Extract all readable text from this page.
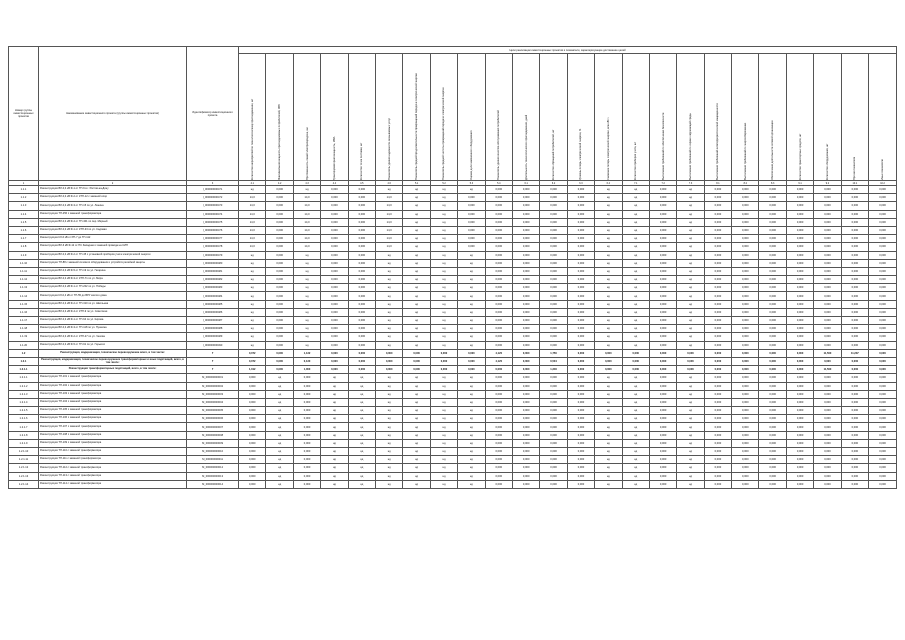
Номер группы инвестиционных проектов	Наименование инвестиционного проекта (группы инвестиционных проектов)	Идентификатор инвестиционного проекта	Цели реализации инвестиционных проектов и показатели, характеризующие достижение целей																							

			Количество мероприятий по технологическому присоединению, шт	Максимальная мощность присоединяемых потребителей, МВт	Протяженность линий электропередачи, км	Трансформаторная мощность, МВА	Количество точек поставки, шт	Показатель уровня надежности оказываемых услуг	Показатель средней продолжительности прекращений передачи электрической энергии	Показатель средней частоты прекращений передачи электрической энергии	Оценка доли замененного оборудования	Показатель уровня качества обслуживания потребителей	Длительность технологического присоединения, дней	Количество обращений потребителей, шт	Уровень потерь электрической энергии, %	Снижение потерь электрической энергии, млн кВт·ч	Количество приборов учета, шт	Выполнение требований по обеспечению безопасности	Выполнение требований по охране окружающей среды	Выполнение требований антитеррористической защищенности	Выполнение требований по энергосбережению	Обеспечение деятельности сетевой организации	Количество транспортных средств, шт	Количество оборудования, шт	Прочие показатели	Иные показатели

1	2	3	4.1	4.2	4.3	4.4	4.5	4.6	5.1	5.2	5.3	5.4	6.1	6.2	6.3	6.4	7.1	7.2	7.3	8.1	8.2	8.3	9.1	9.2	10.1	10.2
1.1.1	Реконструкция ВЛ-0,4 кВ Ф-1 от ТП-6 в г. Ростов-на-Дону	I_000000000471	нд	0,000	нд	0,000	0,000	нд	нд	нд	нд	0,000	0,000	0,000	0,000	нд	нд	0,000	нд	0,000	0,000	0,000	0,000	0,000	0,000	0,000
1.1.2	Реконструкция ВЛ-0,4 кВ Ф-2 от КТП-12 с заменой опор	I_000000000472	14,0	0,000	14,0	0,000	0,000	14,0	нд	нд	0,000	0,000	0,000	0,000	0,000	нд	нд	0,000	нд	0,000	0,000	0,000	0,000	0,000	0,000	0,000
1.1.3	Реконструкция ВЛ-0,4 кВ Ф-3 от ТП-15 по ул. Ленина	I_000000000473	14,0	0,000	14,0	0,000	0,000	14,0	нд	нд	0,000	0,000	0,000	0,000	0,000	нд	нд	0,000	нд	0,000	0,000	0,000	0,000	0,000	0,000	0,000
1.1.4	Реконструкция ТП-256 с заменой трансформатора	I_000000000474	14,0	0,000	14,0	0,000	0,000	14,0	нд	нд	0,000	0,000	0,000	0,000	0,000	нд	нд	0,000	нд	0,000	0,000	0,000	0,000	0,000	0,000	0,000
1.1.5	Реконструкция ВЛ-0,4 кВ Ф-4 от ТП-401 по пер. Мирный	I_000000000475	14,0	0,000	14,0	0,000	0,000	14,0	нд	нд	0,000	0,000	0,000	0,000	0,000	нд	нд	0,000	нд	0,000	0,000	0,000	0,000	0,000	0,000	0,000
1.1.6	Реконструкция ВЛ-0,4 кВ Ф-1 от КТП-33 по ул. Садовая	I_000000000476	14,0	0,000	14,0	0,000	0,000	14,0	нд	нд	0,000	0,000	0,000	0,000	0,000	нд	нд	0,000	нд	0,000	0,000	0,000	0,000	0,000	0,000	0,000
1.1.7	Реконструкция КЛ-6 кВ от РП-7 до ТП-112	I_000000000477	14,0	0,000	14,0	0,000	0,000	14,0	нд	нд	0,000	0,000	0,000	0,000	0,000	нд	нд	0,000	нд	0,000	0,000	0,000	0,000	0,000	0,000	0,000
1.1.8	Реконструкция ВЛ-6 кВ Ф-12 от ПС Западная с заменой провода на СИП	I_000000000478	14,0	0,000	14,0	0,000	0,000	14,0	нд	нд	0,000	0,000	0,000	0,000	0,000	нд	нд	0,000	нд	0,000	0,000	0,000	0,000	0,000	0,000	0,000
1.1.9	Реконструкция ВЛ-0,4 кВ Ф-2 от ТП-45 с установкой приборов учета электрической энергии	I_000000000479	нд	0,000	нд	0,000	0,000	нд	нд	нд	нд	0,000	0,000	0,000	0,000	нд	нд	0,000	нд	0,000	0,000	0,000	0,000	0,000	0,000	0,000
1.1.10	Реконструкция ТП-88 с заменой силового оборудования и устройств релейной защиты	I_000000000480	нд	0,000	нд	0,000	0,000	нд	нд	нд	нд	0,000	0,000	0,000	0,000	нд	нд	0,000	нд	0,000	0,000	0,000	0,000	0,000	0,000	0,000
1.1.11	Реконструкция ВЛ-0,4 кВ Ф-5 от ТП-19 по ул. Гагарина	I_000000000481	нд	0,000	нд	0,000	0,000	нд	нд	нд	нд	0,000	0,000	0,000	0,000	нд	нд	0,000	нд	0,000	0,000	0,000	0,000	0,000	0,000	0,000
1.1.12	Реконструкция ВЛ-0,4 кВ Ф-3 от КТП-71 по ул. Мира	I_000000000482	нд	0,000	нд	0,000	0,000	нд	нд	нд	нд	0,000	0,000	0,000	0,000	нд	нд	0,000	нд	0,000	0,000	0,000	0,000	0,000	0,000	0,000
1.1.13	Реконструкция ВЛ-0,4 кВ Ф-1 от ТП-202 по ул. Победы	I_000000000483	нд	0,000	нд	0,000	0,000	нд	нд	нд	нд	0,000	0,000	0,000	0,000	нд	нд	0,000	нд	0,000	0,000	0,000	0,000	0,000	0,000	0,000
1.1.14	Реконструкция КЛ-0,4 кВ от ТП-55 до ВРУ жилого дома	I_000000000484	нд	0,000	нд	0,000	0,000	нд	нд	нд	нд	0,000	0,000	0,000	0,000	нд	нд	0,000	нд	0,000	0,000	0,000	0,000	0,000	0,000	0,000
1.1.15	Реконструкция ВЛ-0,4 кВ Ф-2 от ТП-310 по ул. Школьная	I_000000000485	нд	0,000	нд	0,000	0,000	нд	нд	нд	нд	0,000	0,000	0,000	0,000	нд	нд	0,000	нд	0,000	0,000	0,000	0,000	0,000	0,000	0,000
1.1.16	Реконструкция ВЛ-0,4 кВ Ф-4 от КТП-9 по ул. Советская	I_000000000486	нд	0,000	нд	0,000	0,000	нд	нд	нд	нд	0,000	0,000	0,000	0,000	нд	нд	0,000	нд	0,000	0,000	0,000	0,000	0,000	0,000	0,000
1.1.17	Реконструкция ВЛ-0,4 кВ Ф-1 от ТП-64 по ул. Кирова	I_000000000487	нд	0,000	нд	0,000	0,000	нд	нд	нд	нд	0,000	0,000	0,000	0,000	нд	нд	0,000	нд	0,000	0,000	0,000	0,000	0,000	0,000	0,000
1.1.18	Реконструкция ВЛ-0,4 кВ Ф-3 от ТП-118 по ул. Пушкина	I_000000000488	нд	0,000	нд	0,000	0,000	нд	нд	нд	нд	0,000	0,000	0,000	0,000	нд	нд	0,000	нд	0,000	0,000	0,000	0,000	0,000	0,000	0,000
1.1.19	Реконструкция ВЛ-0,4 кВ Ф-2 от КТП-27 по ул. Чехова	I_000000000489	нд	0,000	нд	0,000	0,000	нд	нд	нд	нд	0,000	0,000	0,000	0,000	нд	нд	0,000	нд	0,000	0,000	0,000	0,000	0,000	0,000	0,000
1.1.20	Реконструкция ВЛ-0,4 кВ Ф-5 от ТП-91 по ул. Горького	I_000000000490	нд	0,000	нд	0,000	0,000	нд	нд	нд	нд	0,000	0,000	0,000	0,000	нд	нд	0,000	нд	0,000	0,000	0,000	0,000	0,000	0,000	0,000
1.2	Реконструкция, модернизация, техническое перевооружение всего, в том числе:	Г	0,072	0,000	1,132	0,000	0,000	0,000	0,000	0,000	0,000	4,120	0,000	1,750	0,000	0,000	0,000	0,000	0,000	0,000	0,000	0,000	0,000	11,500	11,237	0,000
1.2.1	Реконструкция, модернизация, техническое перевооружение трансформаторных и иных подстанций, всего, в том числе:	Г	0,072	0,000	0,130	0,000	0,000	0,000	0,000	0,000	0,000	4,120	0,000	0,504	0,000	0,000	0,000	0,000	0,000	0,000	0,000	0,000	0,000	0,000	0,000	0,000
1.2.1.1	Реконструкция трансформаторных подстанций, всего, в том числе:	Г	1,012	0,000	1,000	0,000	0,000	0,000	0,000	0,000	0,000	0,000	0,000	1,246	0,000	0,000	0,000	0,000	0,000	0,000	0,000	0,000	0,000	11,500	0,000	0,000
1.2.1.1	Реконструкция ТП-101 с заменой трансформатора	M_000000000001	0,000	нд	0,000	нд	нд	нд	нд	нд	нд	0,000	0,000	0,000	0,000	нд	нд	0,000	нд	0,000	0,000	0,000	0,000	0,000	0,000	0,000
1.2.1.2	Реконструкция ТП-102 с заменой трансформатора	M_000000000002	0,000	нд	0,000	нд	нд	нд	нд	нд	нд	0,000	0,000	0,000	0,000	нд	нд	0,000	нд	0,000	0,000	0,000	0,000	0,000	0,000	0,000
1.2.1.3	Реконструкция ТП-103 с заменой трансформатора	M_000000000003	0,000	нд	0,000	нд	нд	нд	нд	нд	нд	0,000	0,000	0,000	0,000	нд	нд	0,000	нд	0,000	0,000	0,000	0,000	0,000	0,000	0,000
1.2.1.4	Реконструкция ТП-104 с заменой трансформатора	M_000000000004	0,000	нд	0,000	нд	нд	нд	нд	нд	нд	0,000	0,000	0,000	0,000	нд	нд	0,000	нд	0,000	0,000	0,000	0,000	0,000	0,000	0,000
1.2.1.5	Реконструкция ТП-105 с заменой трансформатора	M_000000000005	0,000	нд	0,000	нд	нд	нд	нд	нд	нд	0,000	0,000	0,000	0,000	нд	нд	0,000	нд	0,000	0,000	0,000	0,000	0,000	0,000	0,000
1.2.1.6	Реконструкция ТП-106 с заменой трансформатора	M_000000000006	0,000	нд	0,000	нд	нд	нд	нд	нд	нд	0,000	0,000	0,000	0,000	нд	нд	0,000	нд	0,000	0,000	0,000	0,000	0,000	0,000	0,000
1.2.1.7	Реконструкция ТП-107 с заменой трансформатора	M_000000000007	0,000	нд	0,000	нд	нд	нд	нд	нд	нд	0,000	0,000	0,000	0,000	нд	нд	0,000	нд	0,000	0,000	0,000	0,000	0,000	0,000	0,000
1.2.1.8	Реконструкция ТП-108 с заменой трансформатора	M_000000000008	0,000	нд	0,000	нд	нд	нд	нд	нд	нд	0,000	0,000	0,000	0,000	нд	нд	0,000	нд	0,000	0,000	0,000	0,000	0,000	0,000	0,000
1.2.1.9	Реконструкция ТП-109 с заменой трансформатора	M_000000000009	0,000	нд	0,000	нд	нд	нд	нд	нд	нд	0,000	0,000	0,000	0,000	нд	нд	0,000	нд	0,000	0,000	0,000	0,000	0,000	0,000	0,000
1.2.1.10	Реконструкция ТП-110 с заменой трансформатора	M_000000000010	0,000	нд	0,000	нд	нд	нд	нд	нд	нд	0,000	0,000	0,000	0,000	нд	нд	0,000	нд	0,000	0,000	0,000	0,000	0,000	0,000	0,000
1.2.1.11	Реконструкция ТП-111 с заменой трансформатора	M_000000000011	0,000	нд	0,000	нд	нд	нд	нд	нд	нд	0,000	0,000	0,000	0,000	нд	нд	0,000	нд	0,000	0,000	0,000	0,000	0,000	0,000	0,000
1.2.1.12	Реконструкция ТП-112 с заменой трансформатора	M_000000000012	0,000	нд	0,000	нд	нд	нд	нд	нд	нд	0,000	0,000	0,000	0,000	нд	нд	0,000	нд	0,000	0,000	0,000	0,000	0,000	0,000	0,000
1.2.1.13	Реконструкция ТП-113 с заменой трансформатора	M_000000000013	0,000	нд	0,000	нд	нд	нд	нд	нд	нд	0,000	0,000	0,000	0,000	нд	нд	0,000	нд	0,000	0,000	0,000	0,000	0,000	0,000	0,000
1.2.1.14	Реконструкция ТП-114 с заменой трансформатора	M_000000000014	0,000	нд	0,000	нд	нд	нд	нд	нд	нд	0,000	0,000	0,000	0,000	нд	нд	0,000	нд	0,000	0,000	0,000	0,000	0,000	0,000	0,000
